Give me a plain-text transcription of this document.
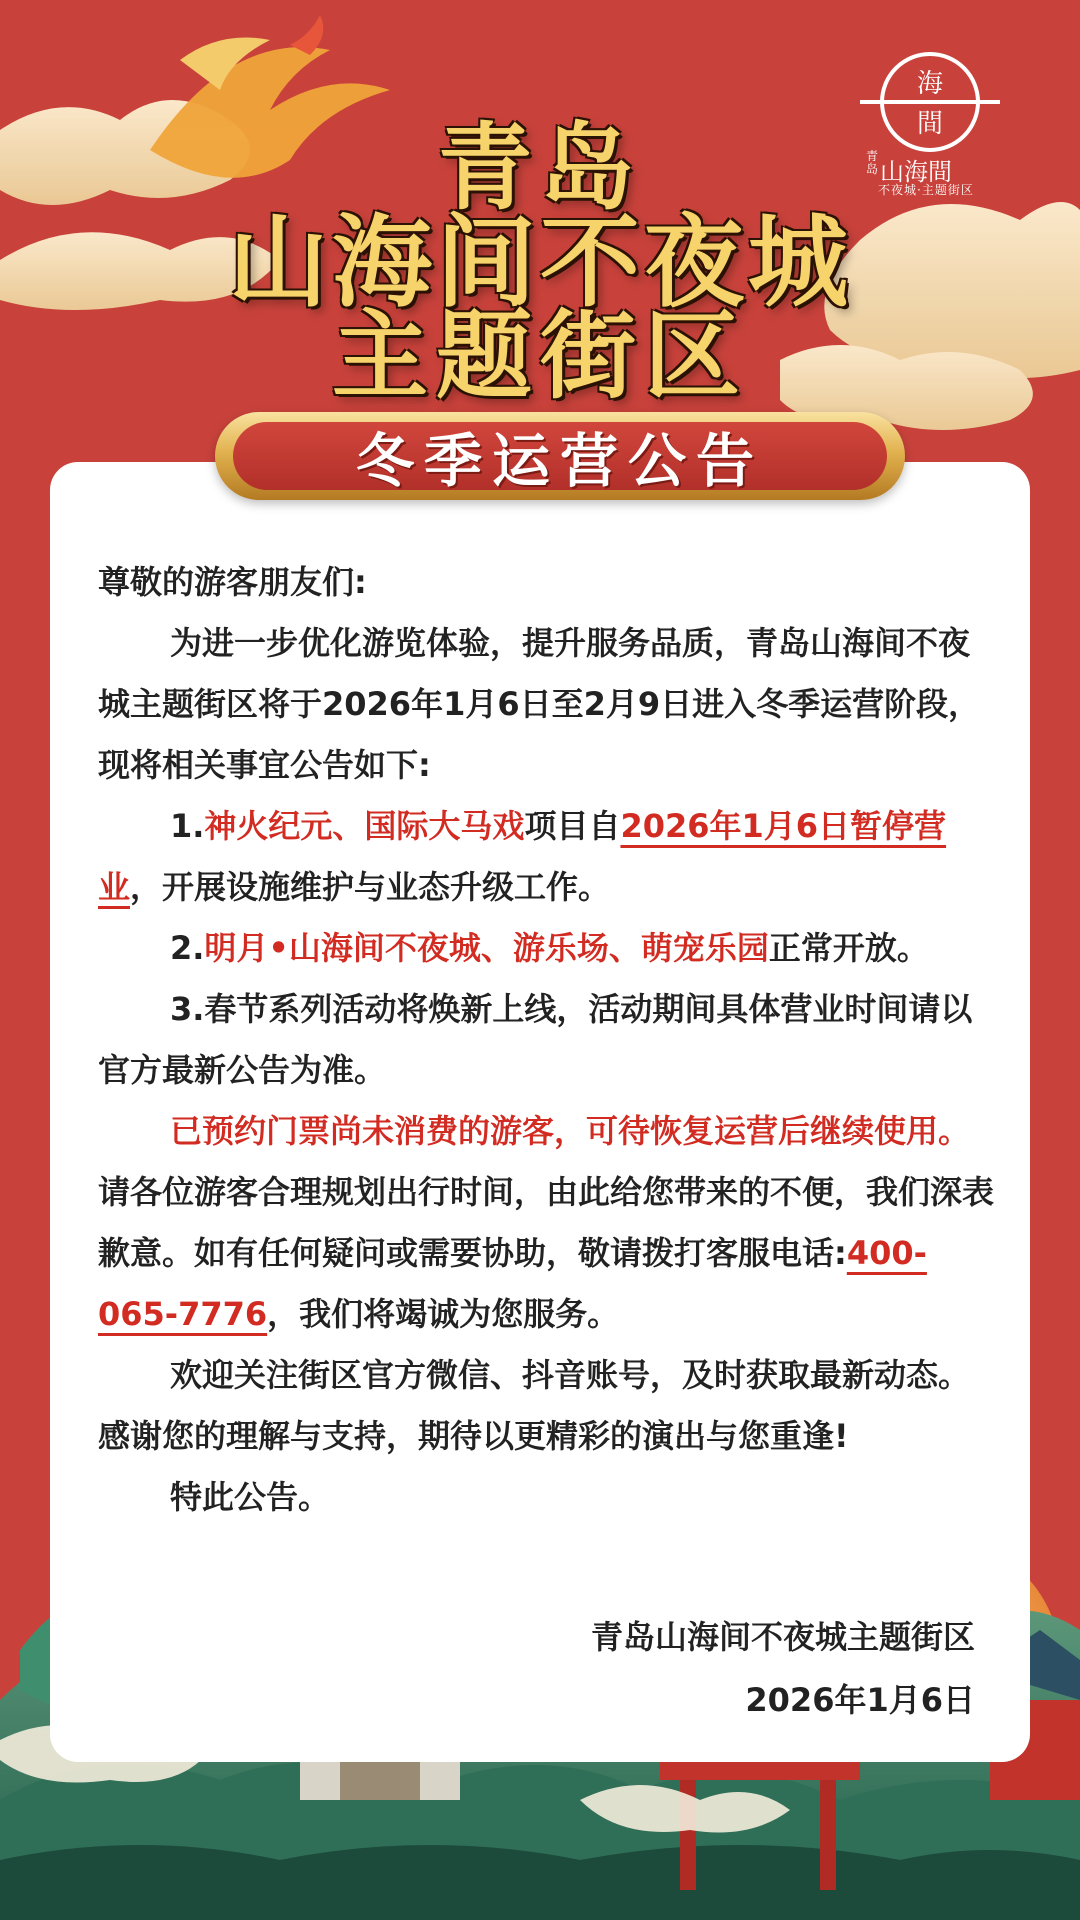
海
間
青岛 山海間
不夜城·主题街区
青岛
山海间不夜城
主题街区
冬季运营公告

尊敬的游客朋友们:

为进一步优化游览体验，提升服务品质，青岛山海间不夜城主题街区将于2026年1月6日至2月9日进入冬季运营阶段，现将相关事宜公告如下:

1.神火纪元、国际大马戏项目自2026年1月6日暂停营业，开展设施维护与业态升级工作。

2.明月•山海间不夜城、游乐场、萌宠乐园正常开放。

3.春节系列活动将焕新上线，活动期间具体营业时间请以官方最新公告为准。

已预约门票尚未消费的游客，可待恢复运营后继续使用。请各位游客合理规划出行时间，由此给您带来的不便，我们深表歉意。如有任何疑问或需要协助，敬请拨打客服电话:400-065-7776，我们将竭诚为您服务。

欢迎关注街区官方微信、抖音账号，及时获取最新动态。感谢您的理解与支持，期待以更精彩的演出与您重逢!

特此公告。

青岛山海间不夜城主题街区
2026年1月6日
